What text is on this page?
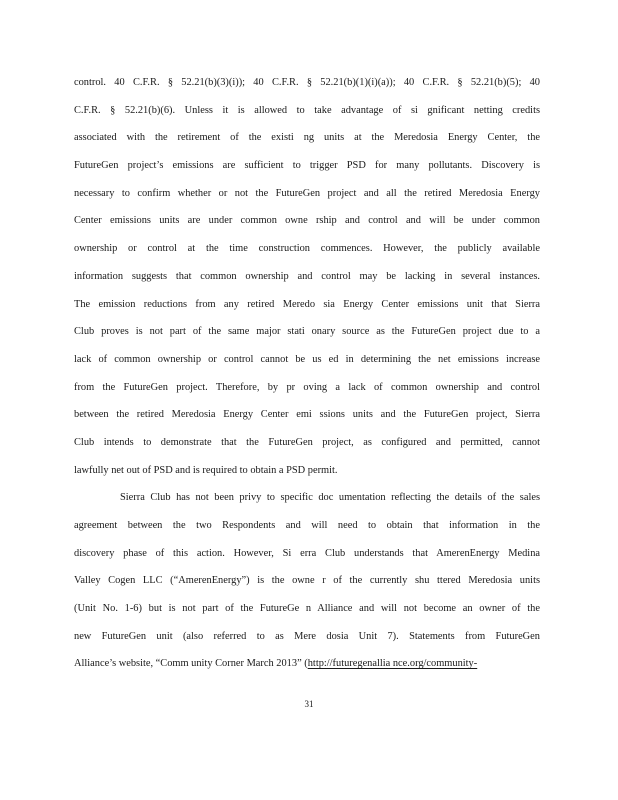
control. 40 C.F.R. § 52.21(b)(3)(i)); 40 C.F.R. § 52.21(b)(1)(i)(a)); 40 C.F.R. § 52.21(b)(5); 40
C.F.R. § 52.21(b)(6). Unless it is allowed to take advantage of si gnificant netting credits
associated with the retirement of the existi ng units at the Meredosia Energy Center, the
FutureGen project’s emissions are sufficient to trigger PSD for many pollutants. Discovery is
necessary to confirm whether or not the FutureGen project and all the retired Meredosia Energy
Center emissions units are under common owne rship and control and will be under common
ownership or control at the time construction commences. However, the publicly available
information suggests that common ownership and control may be lacking in several instances.
The emission reductions from any retired Meredo sia Energy Center emissions unit that Sierra
Club proves is not part of the same major stati onary source as the FutureGen project due to a
lack of common ownership or control cannot be us ed in determining the net emissions increase
from the FutureGen project. Therefore, by pr oving a lack of common ownership and control
between the retired Meredosia Energy Center emi ssions units and the FutureGen project, Sierra
Club intends to demonstrate that the FutureGen project, as configured and permitted, cannot
lawfully net out of PSD and is required to obtain a PSD permit.
Sierra Club has not been privy to specific doc umentation reflecting the details of the sales
agreement between the two Respondents and will need to obtain that information in the
discovery phase of this action. However, Si erra Club understands that AmerenEnergy Medina
Valley Cogen LLC (“AmerenEnergy”) is the owne r of the currently shu ttered Meredosia units
(Unit No. 1-6) but is not part of the FutureGe n Alliance and will not become an owner of the
new FutureGen unit (also referred to as Mere dosia Unit 7). Statements from FutureGen
Alliance’s website, “Comm unity Corner March 2013” (http://futuregenallia nce.org/community-
31
